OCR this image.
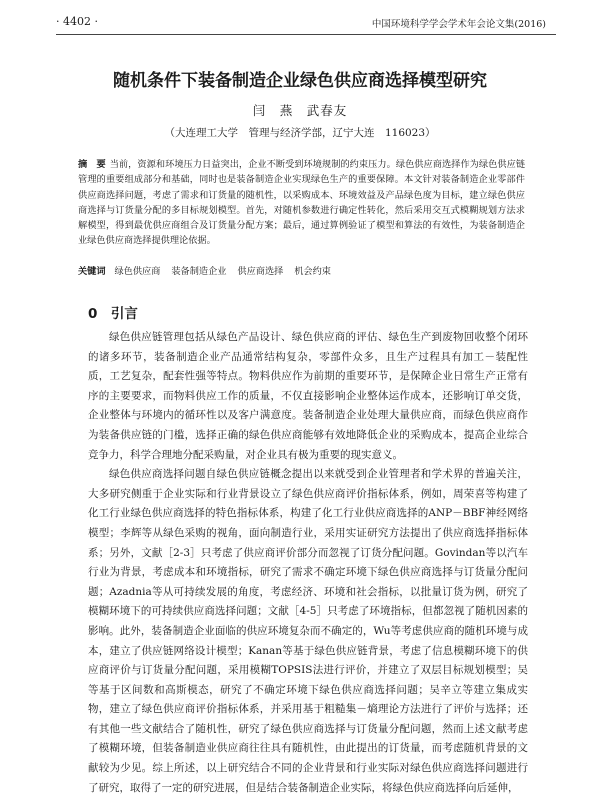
· 4402 ·	中国环境科学学会学术年会论文集(2016)
随机条件下装备制造企业绿色供应商选择模型研究
闫　燕　武春友
（大连理工大学　管理与经济学部，辽宁大连　116023）

摘　要 当前，资源和环境压力日益突出，企业不断受到环境规制的约束压力。绿色供应商选择作为绿色供应链管理的重要组成部分和基础，同时也是装备制造企业实现绿色生产的重要保障。本文针对装备制造企业零部件供应商选择问题，考虑了需求和订货量的随机性，以采购成本、环境效益及产品绿色度为目标，建立绿色供应商选择与订货量分配的多目标规划模型。首先，对随机参数进行确定性转化，然后采用交互式模糊规划方法求解模型，得到最优供应商组合及订货量分配方案；最后，通过算例验证了模型和算法的有效性，为装备制造企业绿色供应商选择提供理论依据。

关键词 绿色供应商 装备制造企业 供应商选择 机会约束

0　引言

绿色供应链管理包括从绿色产品设计、绿色供应商的评估、绿色生产到废物回收整个闭环的诸多环节，装备制造企业产品通常结构复杂，零部件众多，且生产过程具有加工－装配性质，工艺复杂，配套性强等特点。物料供应作为前期的重要环节，是保障企业日常生产正常有序的主要要求，而物料供应工作的质量，不仅直接影响企业整体运作成本，还影响订单交货，企业整体与环境内的循环性以及客户满意度。装备制造企业处理大量供应商，而绿色供应商作为装备供应链的门槛，选择正确的绿色供应商能够有效地降低企业的采购成本，提高企业综合竞争力，科学合理地分配采购量，对企业具有极为重要的现实意义。

绿色供应商选择问题自绿色供应链概念提出以来就受到企业管理者和学术界的普遍关注，大多研究侧重于企业实际和行业背景设立了绿色供应商评价指标体系，例如，周荣喜等构建了化工行业绿色供应商选择的特色指标体系，构建了化工行业供应商选择的ANP－BBF神经网络模型；李辉等从绿色采购的视角，面向制造行业，采用实证研究方法提出了供应商选择指标体系；另外，文献［2-3］只考虑了供应商评价部分而忽视了订货分配问题。Govindan等以汽车行业为背景，考虑成本和环境指标，研究了需求不确定环境下绿色供应商选择与订货量分配问题；Azadnia等从可持续发展的角度，考虑经济、环境和社会指标，以批量订货为例，研究了模糊环境下的可持续供应商选择问题；文献［4-5］只考虑了环境指标，但都忽视了随机因素的影响。此外，装备制造企业面临的供应环境复杂而不确定的，Wu等考虑供应商的随机环境与成本，建立了供应链网络设计模型；Kanan等基于绿色供应链背景，考虑了信息模糊环境下的供应商评价与订货量分配问题，采用模糊TOPSIS法进行评价，并建立了双层目标规划模型；吴等基于区间数和高斯模态，研究了不确定环境下绿色供应商选择问题；吴辛立等建立集成实物，建立了绿色供应商评价指标体系，并采用基于粗糙集－熵理论方法进行了评价与选择；还有其他一些文献结合了随机性，研究了绿色供应商选择与订货量分配问题，然而上述文献考虑了模糊环境，但装备制造业供应商往往具有随机性，由此提出的订货量，而考虑随机背景的文献较为少见。综上所述，以上研究结合不同的企业背景和行业实际对绿色供应商选择问题进行了研究，取得了一定的研究进展，但是结合装备制造企业实际，将绿色供应商选择向后延伸，
